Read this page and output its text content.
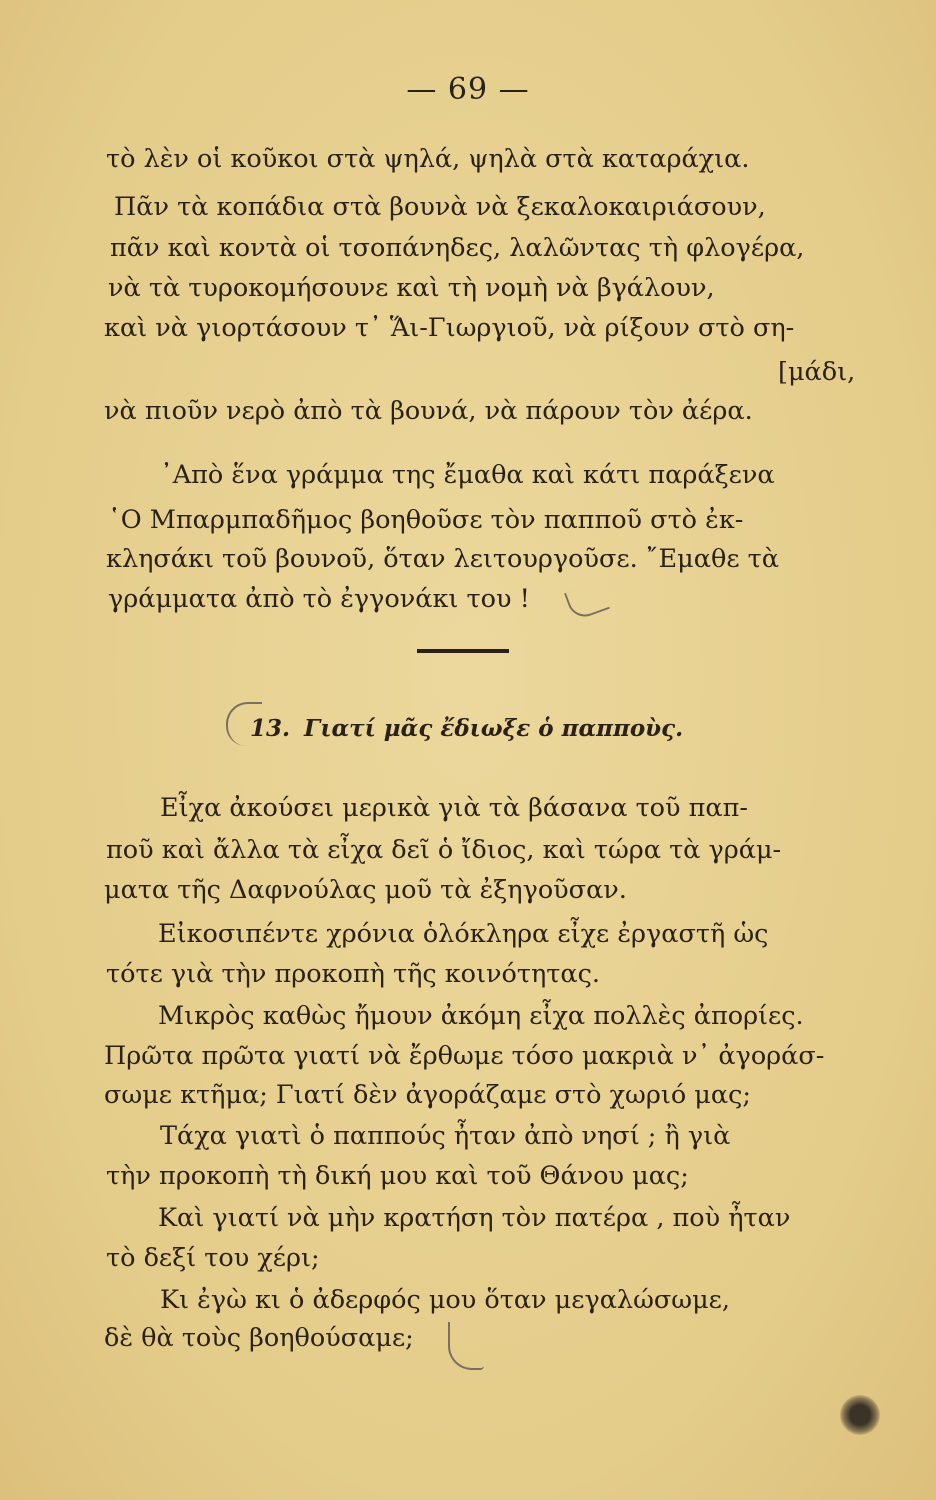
— 69 —
τὸ λὲν οἱ κοῦκοι στὰ ψηλά, ψηλὰ στὰ καταράχια.
Πᾶν τὰ κοπάδια στὰ βουνὰ νὰ ξεκαλοκαιριάσουν,
πᾶν καὶ κοντὰ οἱ τσοπάνηδες, λαλῶντας τὴ φλογέρα,
νὰ τὰ τυροκομήσουνε καὶ τὴ νομὴ νὰ βγάλουν,
καὶ νὰ γιορτάσουν τ᾽ Ἅι-Γιωργιοῦ, νὰ ρίξουν στὸ ση-
[μάδι,
νὰ πιοῦν νερὸ ἀπὸ τὰ βουνά, νὰ πάρουν τὸν ἀέρα.
᾽Απὸ ἕνα γράμμα της ἔμαθα καὶ κάτι παράξενα
῾Ο Μπαρμπαδῆμος βοηθοῦσε τὸν παπποῦ στὸ ἐκ-
κλησάκι τοῦ βουνοῦ, ὅταν λειτουργοῦσε. ῎Εμαθε τὰ
γράμματα ἀπὸ τὸ ἐγγονάκι του !
13. Γιατί μᾶς ἔδιωξε ὁ παπποὺς.
Εἶχα ἀκούσει μερικὰ γιὰ τὰ βάσανα τοῦ παπ-
ποῦ καὶ ἄλλα τὰ εἶχα δεῖ ὁ ἴδιος, καὶ τώρα τὰ γράμ-
ματα τῆς Δαφνούλας μοῦ τὰ ἐξηγοῦσαν.
Εἰκοσιπέντε χρόνια ὁλόκληρα εἶχε ἐργαστῆ ὡς
τότε γιὰ τὴν προκοπὴ τῆς κοινότητας.
Μικρὸς καθὼς ἤμουν ἀκόμη εἶχα πολλὲς ἀπορίες.
Πρῶτα πρῶτα γιατί νὰ ἔρθωμε τόσο μακριὰ ν᾽ ἀγοράσ-
σωμε κτῆμα; Γιατί δὲν ἀγοράζαμε στὸ χωριό μας;
Τάχα γιατὶ ὁ παππούς ἦταν ἀπὸ νησί ; ἢ γιὰ
τὴν προκοπὴ τὴ δική μου καὶ τοῦ Θάνου μας;
Καὶ γιατί νὰ μὴν κρατήση τὸν πατέρα , ποὺ ἦταν
τὸ δεξί του χέρι;
Κι ἐγὼ κι ὁ ἀδερφός μου ὅταν μεγαλώσωμε,
δὲ θὰ τοὺς βοηθούσαμε;
